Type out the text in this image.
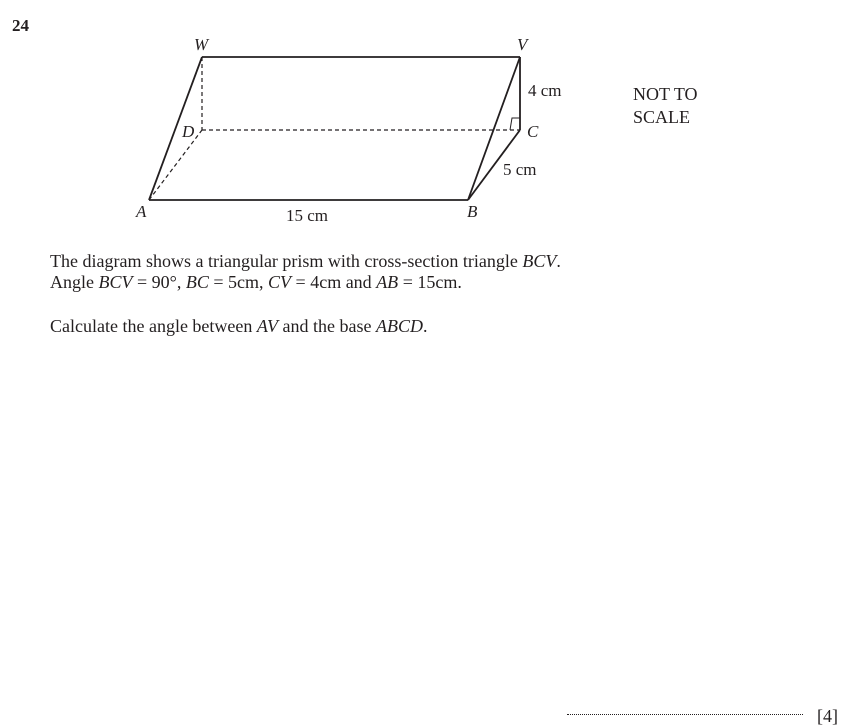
24
W	V
D	C
A	B
4 cm
5 cm
15 cm
NOT TO
SCALE

The diagram shows a triangular prism with cross-section triangle BCV.

Angle BCV = 90°, BC = 5cm, CV = 4cm and AB = 15cm.

Calculate the angle between AV and the base ABCD.

[4]
